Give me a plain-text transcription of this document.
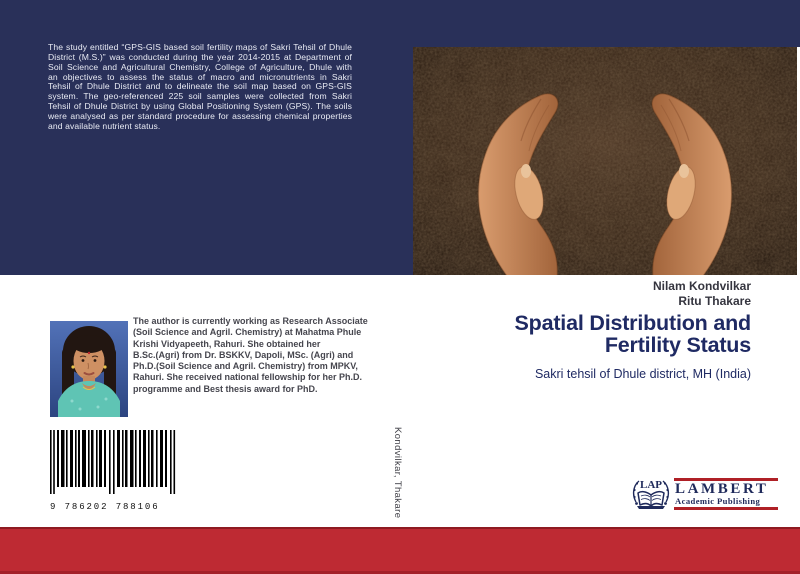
The study entitled “GPS-GIS based soil fertility maps of Sakri Tehsil of Dhule
District (M.S.)” was conducted during the year 2014-2015 at Department of
Soil Science and Agricultural Chemistry, College of Agriculture, Dhule with
an objectives to assess the status of macro and micronutrients in Sakri
Tehsil of Dhule District and to delineate the soil map based on GPS-GIS
system. The geo-referenced 225 soil samples were collected from Sakri
Tehsil of Dhule District by using Global Positioning System (GPS). The soils
were analysed as per standard procedure for assessing chemical properties
and available nutrient status.
The author is currently working as Research Associate
(Soil Science and Agril. Chemistry) at Mahatma Phule
Krishi Vidyapeeth, Rahuri. She obtained her
B.Sc.(Agri) from Dr. BSKKV, Dapoli, MSc. (Agri) and
Ph.D.(Soil Science and Agril. Chemistry) from MPKV,
Rahuri. She received national fellowship for her Ph.D.
programme and Best thesis award for PhD.
9 786202 788106	Kondvilkar, Thakare
Nilam Kondvilkar
Ritu Thakare
Spatial Distribution and
Fertility Status
Sakri tehsil of Dhule district, MH (India)
LAP LAMBERT
Academic Publishing
